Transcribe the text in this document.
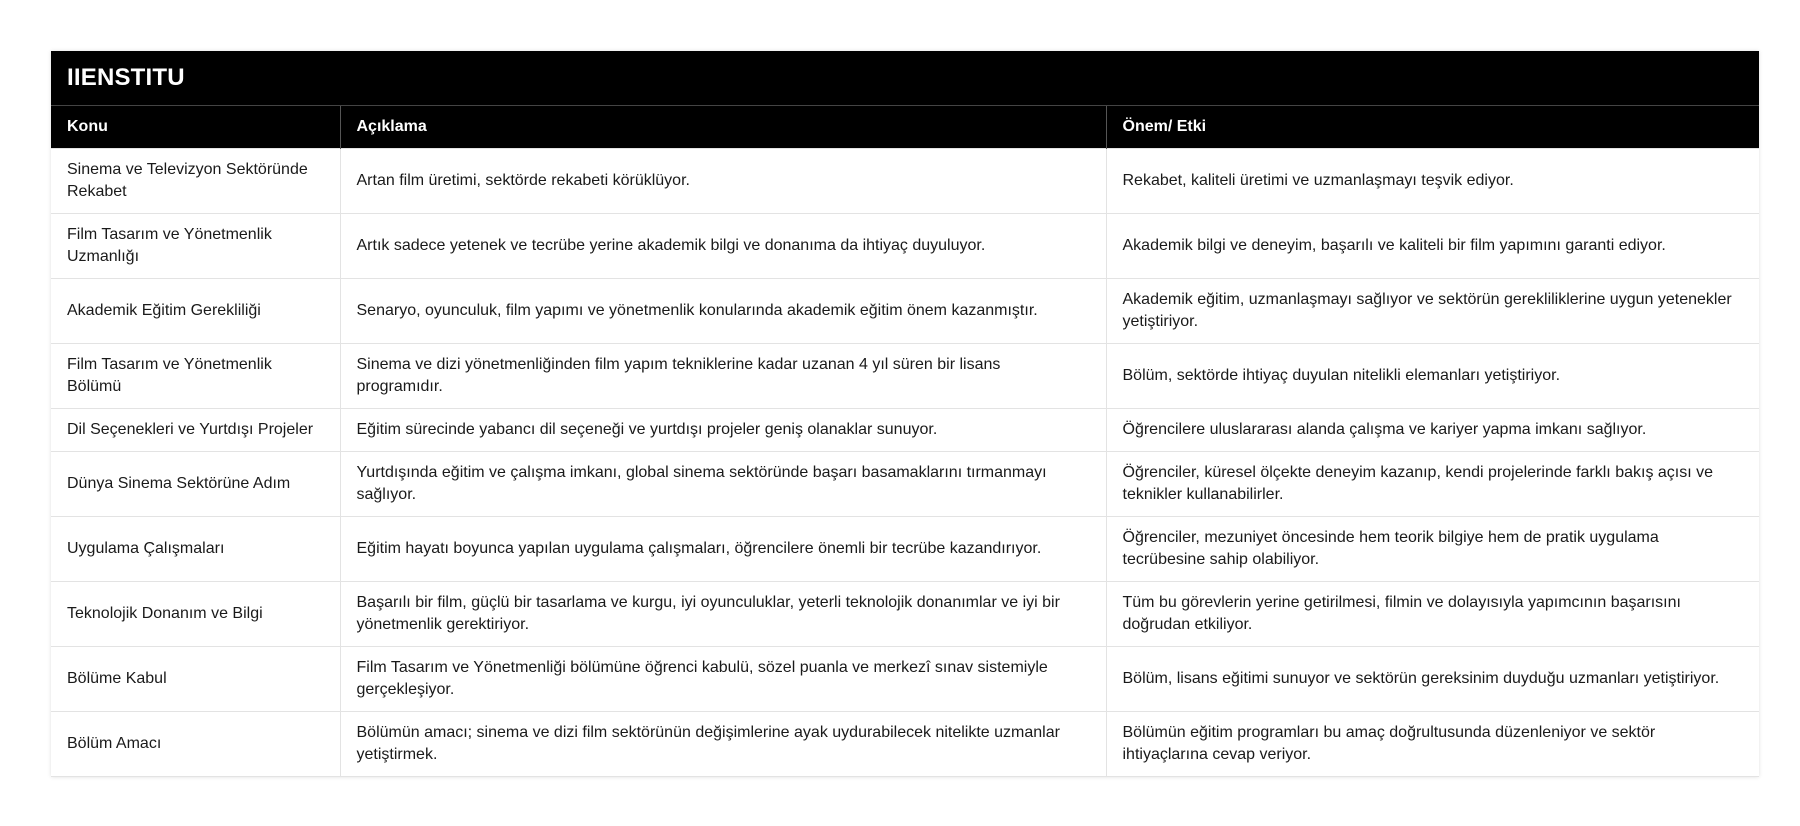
IIENSTITU
Konu	Açıklama	Önem/ Etki
Sinema ve Televizyon Sektöründe Rekabet	Artan film üretimi, sektörde rekabeti körüklüyor.	Rekabet, kaliteli üretimi ve uzmanlaşmayı teşvik ediyor.
Film Tasarım ve Yönetmenlik Uzmanlığı	Artık sadece yetenek ve tecrübe yerine akademik bilgi ve donanıma da ihtiyaç duyuluyor.	Akademik bilgi ve deneyim, başarılı ve kaliteli bir film yapımını garanti ediyor.
Akademik Eğitim Gerekliliği	Senaryo, oyunculuk, film yapımı ve yönetmenlik konularında akademik eğitim önem kazanmıştır.	Akademik eğitim, uzmanlaşmayı sağlıyor ve sektörün gerekliliklerine uygun yetenekler yetiştiriyor.
Film Tasarım ve Yönetmenlik Bölümü	Sinema ve dizi yönetmenliğinden film yapım tekniklerine kadar uzanan 4 yıl süren bir lisans programıdır.	Bölüm, sektörde ihtiyaç duyulan nitelikli elemanları yetiştiriyor.
Dil Seçenekleri ve Yurtdışı Projeler	Eğitim sürecinde yabancı dil seçeneği ve yurtdışı projeler geniş olanaklar sunuyor.	Öğrencilere uluslararası alanda çalışma ve kariyer yapma imkanı sağlıyor.
Dünya Sinema Sektörüne Adım	Yurtdışında eğitim ve çalışma imkanı, global sinema sektöründe başarı basamaklarını tırmanmayı sağlıyor.	Öğrenciler, küresel ölçekte deneyim kazanıp, kendi projelerinde farklı bakış açısı ve teknikler kullanabilirler.
Uygulama Çalışmaları	Eğitim hayatı boyunca yapılan uygulama çalışmaları, öğrencilere önemli bir tecrübe kazandırıyor.	Öğrenciler, mezuniyet öncesinde hem teorik bilgiye hem de pratik uygulama tecrübesine sahip olabiliyor.
Teknolojik Donanım ve Bilgi	Başarılı bir film, güçlü bir tasarlama ve kurgu, iyi oyunculuklar, yeterli teknolojik donanımlar ve iyi bir yönetmenlik gerektiriyor.	Tüm bu görevlerin yerine getirilmesi, filmin ve dolayısıyla yapımcının başarısını doğrudan etkiliyor.
Bölüme Kabul	Film Tasarım ve Yönetmenliği bölümüne öğrenci kabulü, sözel puanla ve merkezî sınav sistemiyle gerçekleşiyor.	Bölüm, lisans eğitimi sunuyor ve sektörün gereksinim duyduğu uzmanları yetiştiriyor.
Bölüm Amacı	Bölümün amacı; sinema ve dizi film sektörünün değişimlerine ayak uydurabilecek nitelikte uzmanlar yetiştirmek.	Bölümün eğitim programları bu amaç doğrultusunda düzenleniyor ve sektör ihtiyaçlarına cevap veriyor.
